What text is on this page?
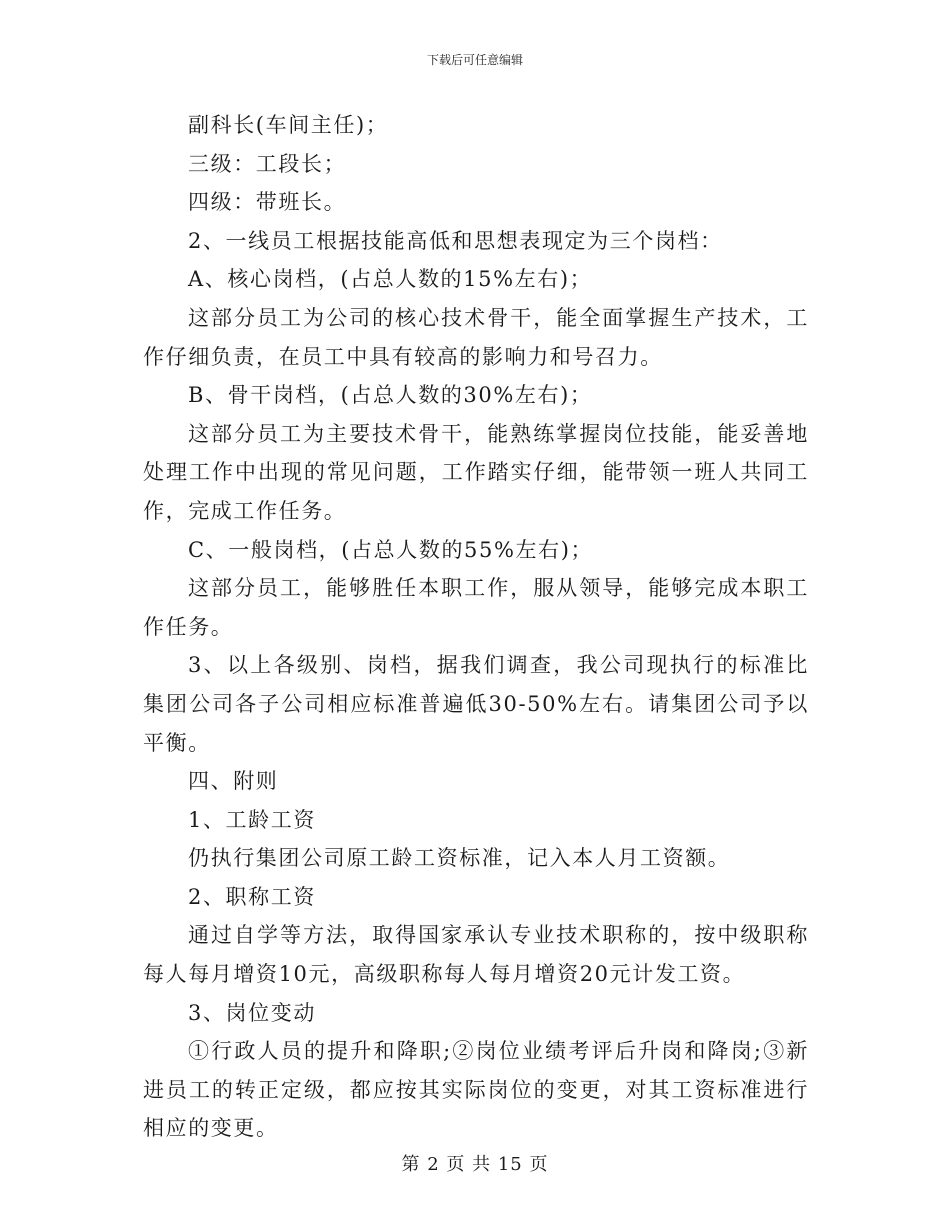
下载后可任意编辑

副科长(车间主任)；

三级：工段长；

四级：带班长。

2、一线员工根据技能高低和思想表现定为三个岗档：

A、核心岗档，(占总人数的15%左右)；

这部分员工为公司的核心技术骨干，能全面掌握生产技术，工作仔细负责，在员工中具有较高的影响力和号召力。

B、骨干岗档，(占总人数的30%左右)；

这部分员工为主要技术骨干，能熟练掌握岗位技能，能妥善地处理工作中出现的常见问题，工作踏实仔细，能带领一班人共同工作，完成工作任务。

C、一般岗档，(占总人数的55%左右)；

这部分员工，能够胜任本职工作，服从领导，能够完成本职工作任务。

3、以上各级别、岗档，据我们调查，我公司现执行的标准比集团公司各子公司相应标准普遍低30-50%左右。请集团公司予以平衡。

四、附则

1、工龄工资

仍执行集团公司原工龄工资标准，记入本人月工资额。

2、职称工资

通过自学等方法，取得国家承认专业技术职称的，按中级职称每人每月增资10元，高级职称每人每月增资20元计发工资。

3、岗位变动

①行政人员的提升和降职;②岗位业绩考评后升岗和降岗;③新进员工的转正定级，都应按其实际岗位的变更，对其工资标准进行相应的变更。

第 2 页 共 15 页
